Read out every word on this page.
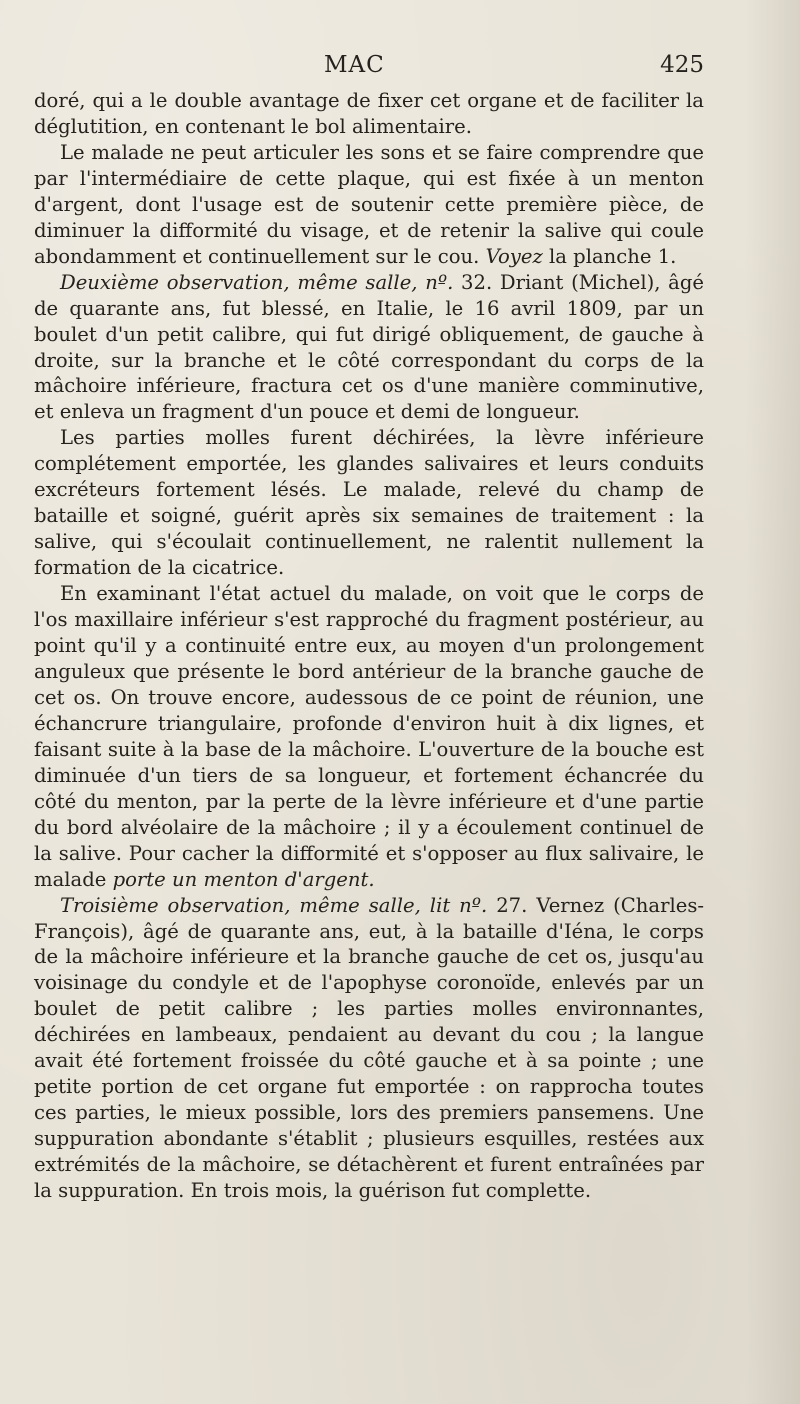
MAC	425

doré, qui a le double avantage de fixer cet organe et de faciliter la déglutition, en contenant le bol alimentaire.

Le malade ne peut articuler les sons et se faire comprendre que par l'intermédiaire de cette plaque, qui est fixée à un menton d'argent, dont l'usage est de soutenir cette première pièce, de diminuer la difformité du visage, et de retenir la salive qui coule abondamment et continuellement sur le cou. Voyez la planche 1.

Deuxième observation, même salle, nº. 32. Driant (Michel), âgé de quarante ans, fut blessé, en Italie, le 16 avril 1809, par un boulet d'un petit calibre, qui fut dirigé obliquement, de gauche à droite, sur la branche et le côté correspondant du corps de la mâchoire inférieure, fractura cet os d'une manière comminutive, et enleva un fragment d'un pouce et demi de longueur.

Les parties molles furent déchirées, la lèvre inférieure complétement emportée, les glandes salivaires et leurs conduits excréteurs fortement lésés. Le malade, relevé du champ de bataille et soigné, guérit après six semaines de traitement : la salive, qui s'écoulait continuellement, ne ralentit nullement la formation de la cicatrice.

En examinant l'état actuel du malade, on voit que le corps de l'os maxillaire inférieur s'est rapproché du fragment postérieur, au point qu'il y a continuité entre eux, au moyen d'un prolongement anguleux que présente le bord antérieur de la branche gauche de cet os. On trouve encore, audessous de ce point de réunion, une échancrure triangulaire, profonde d'environ huit à dix lignes, et faisant suite à la base de la mâchoire. L'ouverture de la bouche est diminuée d'un tiers de sa longueur, et fortement échancrée du côté du menton, par la perte de la lèvre inférieure et d'une partie du bord alvéolaire de la mâchoire ; il y a écoulement continuel de la salive. Pour cacher la difformité et s'opposer au flux salivaire, le malade porte un menton d'argent.

Troisième observation, même salle, lit nº. 27. Vernez (Charles-François), âgé de quarante ans, eut, à la bataille d'Iéna, le corps de la mâchoire inférieure et la branche gauche de cet os, jusqu'au voisinage du condyle et de l'apophyse coronoïde, enlevés par un boulet de petit calibre ; les parties molles environnantes, déchirées en lambeaux, pendaient au devant du cou ; la langue avait été fortement froissée du côté gauche et à sa pointe ; une petite portion de cet organe fut emportée : on rapprocha toutes ces parties, le mieux possible, lors des premiers pansemens. Une suppuration abondante s'établit ; plusieurs esquilles, restées aux extrémités de la mâchoire, se détachèrent et furent entraînées par la suppuration. En trois mois, la guérison fut complette.
